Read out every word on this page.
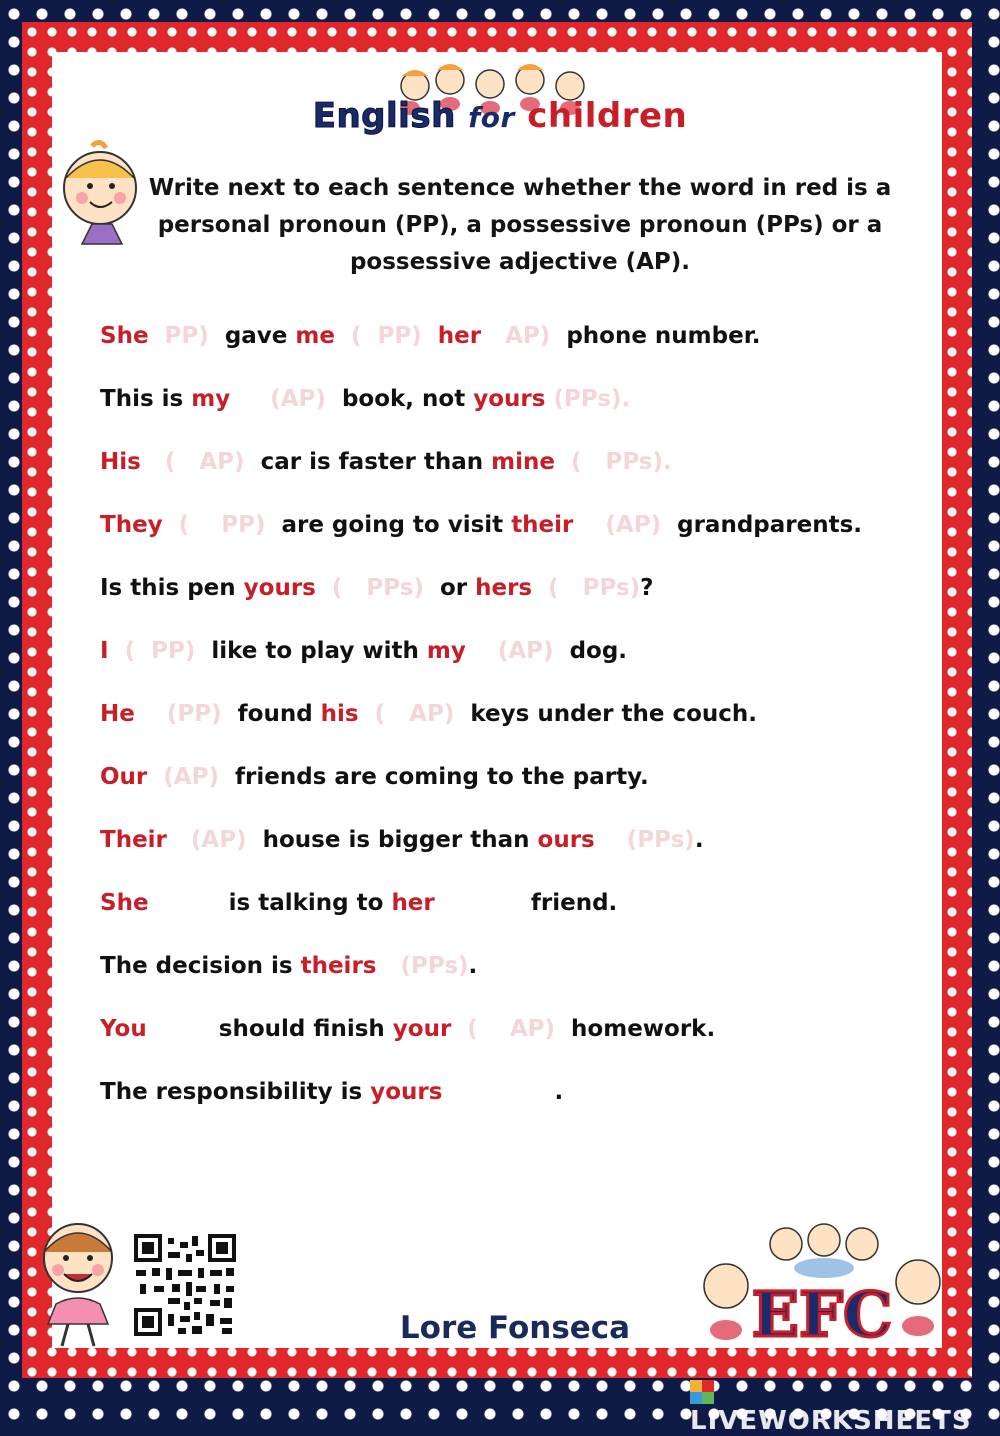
English for children
Write next to each sentence whether the word in red is a personal pronoun (PP), a possessive pronoun (PPs) or a possessive adjective (AP).
She  PP)  gave me  (  PP)  her   AP)  phone number.
This is my     (AP)  book, not yours (PPs).
His   (   AP)  car is faster than mine  (   PPs).
They  (    PP)  are going to visit their    (AP)  grandparents.
Is this pen yours  (   PPs)  or hers  (   PPs)?
I  (  PP)  like to play with my    (AP)  dog.
He    (PP)  found his  (   AP)  keys under the couch.
Our  (AP)  friends are coming to the party.
Their   (AP)  house is bigger than ours    (PPs).
She	is talking to her	friend.
The decision is theirs   (PPs).
You	should finish your  (    AP)  homework.
The responsibility is yours	.
Lore Fonseca	EFC
LIVEWORKSHEETS
